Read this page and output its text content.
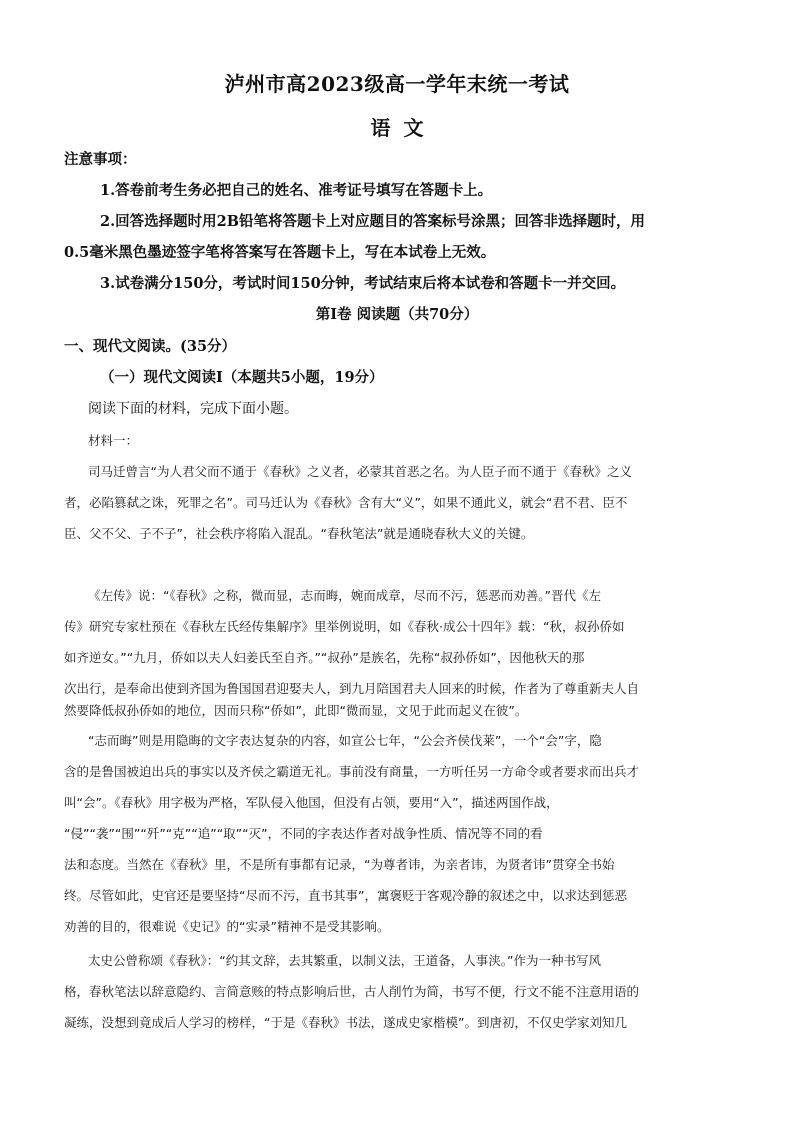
泸州市高2023级高一学年末统一考试
语 文
注意事项：
1.答卷前考生务必把自己的姓名、准考证号填写在答题卡上。
2.回答选择题时用2B铅笔将答题卡上对应题目的答案标号涂黑；回答非选择题时，用
0.5毫米黑色墨迹签字笔将答案写在答题卡上，写在本试卷上无效。
3.试卷满分150分，考试时间150分钟，考试结束后将本试卷和答题卡一并交回。
第Ⅰ卷 阅读题（共70分）
一、现代文阅读。(35分）
（一）现代文阅读Ⅰ（本题共5小题，19分）
阅读下面的材料，完成下面小题。
材料一：
司马迁曾言“为人君父而不通于《春秋》之义者，必蒙其首恶之名。为人臣子而不通于《春秋》之义
者，必陷篡弑之诛，死罪之名”。司马迁认为《春秋》含有大“义”，如果不通此义，就会“君不君、臣不
臣、父不父、子不子”，社会秩序将陷入混乱。“春秋笔法”就是通晓春秋大义的关键。
《左传》说：“《春秋》之称，微而显，志而晦，婉而成章，尽而不污，惩恶而劝善。”晋代《左
传》研究专家杜预在《春秋左氏经传集解序》里举例说明，如《春秋·成公十四年》载：“秋，叔孙侨如
如齐逆女。”“九月，侨如以夫人妇姜氏至自齐。”“叔孙”是族名，先称“叔孙侨如”，因他秋天的那
次出行，是奉命出使到齐国为鲁国国君迎娶夫人，到九月陪国君夫人回来的时候，作者为了尊重新夫人自
然要降低叔孙侨如的地位，因而只称“侨如”，此即“微而显，文见于此而起义在彼”。
“志而晦”则是用隐晦的文字表达复杂的内容，如宣公七年，“公会齐侯伐莱”，一个“会”字，隐
含的是鲁国被迫出兵的事实以及齐侯之霸道无礼。事前没有商量，一方听任另一方命令或者要求而出兵才
叫“会”。《春秋》用字极为严格，军队侵入他国，但没有占领，要用“入”，描述两国作战，
“侵”“袭”“围”“歼”“克”“追”“取”“灭”，不同的字表达作者对战争性质、情况等不同的看
法和态度。当然在《春秋》里，不是所有事都有记录，“为尊者讳，为亲者讳，为贤者讳”贯穿全书始
终。尽管如此，史官还是要坚持“尽而不污，直书其事”，寓褒贬于客观冷静的叙述之中，以求达到惩恶
劝善的目的，很难说《史记》的“实录”精神不是受其影响。
太史公曾称颂《春秋》：“约其文辞，去其繁重，以制义法，王道备，人事浃。”作为一种书写风
格，春秋笔法以辞意隐约、言简意赅的特点影响后世，古人削竹为简，书写不便，行文不能不注意用语的
凝练，没想到竟成后人学习的榜样，“于是《春秋》书法，遂成史家楷模”。到唐初，不仅史学家刘知几
